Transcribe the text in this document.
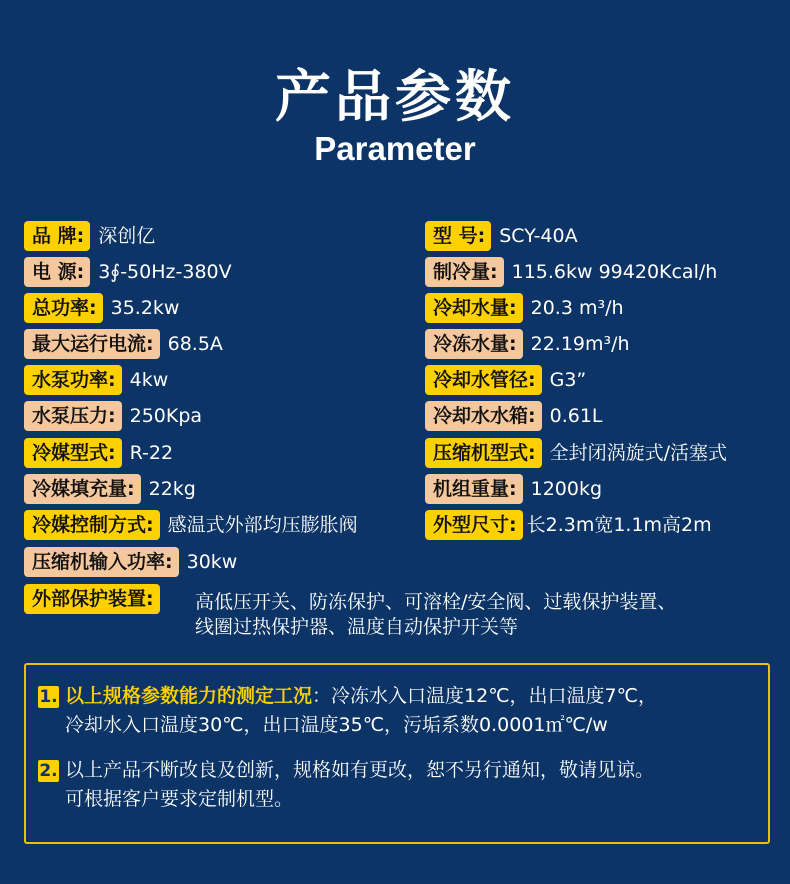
产品参数
Parameter
品 牌: 深创亿
电 源: 3∮-50Hz-380V
总功率: 35.2kw
最大运行电流: 68.5A
水泵功率: 4kw
水泵压力: 250Kpa
冷媒型式: R-22
冷媒填充量: 22kg
冷媒控制方式: 感温式外部均压膨胀阀
压缩机输入功率: 30kw
外部保护装置:	高低压开关、防冻保护、可溶栓/安全阀、过载保护装置、
线圈过热保护器、温度自动保护开关等
型 号: SCY-40A
制冷量: 115.6kw 99420Kcal/h
冷却水量: 20.3 m³/h
冷冻水量: 22.19m³/h
冷却水管径: G3”
冷却水水箱: 0.61L
压缩机型式: 全封闭涡旋式/活塞式
机组重量: 1200kg
外型尺寸: 长2.3m宽1.1m高2m
1. 以上规格参数能力的测定工况：冷冻水入口温度12℃，出口温度7℃，
冷却水入口温度30℃，出口温度35℃，污垢系数0.0001㎡℃/w
2. 以上产品不断改良及创新，规格如有更改，恕不另行通知，敬请见谅。
可根据客户要求定制机型。
